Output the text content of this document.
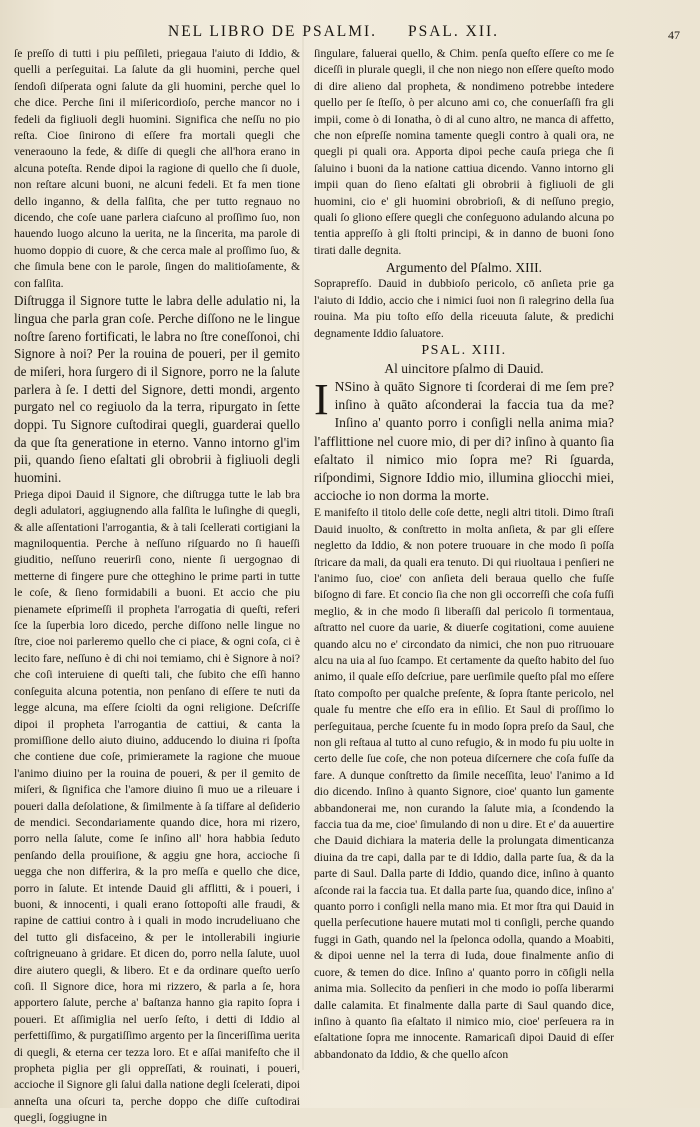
NEL LIBRO DE PSALMI. PSAL. XII.	47

ſe preſſo di tutti i piu peſſileti, priegaua l'aiuto di Iddio, & quelli a perſeguitai. La ſalute da gli huomini, perche quel ſendoſi diſperata ogni ſalute da gli huomini, perche quel lo che dice. Perche ſini il miſericordioſo, perche mancor no i fedeli da figliuoli degli huomini. Significa che neſſu no pio reſta. Cioe ſinirono di eſſere fra mortali quegli che veneraouno la fede, & diſſe di quegli che all'hora erano in alcuna poteſta. Rende dipoi la ragione di quello che ſi duole, non reſtare alcuni buoni, ne alcuni fedeli. Et fa men tione dello inganno, & della falſita, che per tutto regnauo no dicendo, che coſe uane parlera ciaſcuno al proſſimo ſuo, non hauendo luogo alcuno la uerita, ne la ſincerita, ma parole di huomo doppio di cuore, & che cerca male al proſſimo ſuo, & che ſimula bene con le parole, ſingen do malitioſamente, & con falſita.

Diſtrugga il Signore tutte le labra delle adulatio ni, la lingua che parla gran coſe. Perche diſſono ne le lingue noſtre ſareno fortificati, le labra no ſtre coneſſonoi, chi Signore à noi? Per la rouina de poueri, per il gemito de miſeri, hora ſurgero di il Signore, porro ne la ſalute parlera à ſe. I detti del Signore, detti mondi, argento purgato nel co regiuolo da la terra, ripurgato in ſette doppi. Tu Signore cuſtodirai quegli, guarderai quello da que ſta generatione in eterno. Vanno intorno gl'im pii, quando ſieno eſaltati gli obrobrii à figliuoli degli huomini.

Priega dipoi Dauid il Signore, che diſtrugga tutte le lab bra degli adulatori, aggiugnendo alla falſita le luſinghe di quegli, & alle aſſentationi l'arrogantia, & à tali ſcellerati cortigiani la magniloquentia. Perche à neſſuno riſguardo no ſi haueſſi giuditio, neſſuno reuerirſi cono, niente ſi uergognao di metterne di fingere pure che otteghino le prime parti in tutte le coſe, & ſieno formidabili a buoni. Et accio che piu pienamete eſprimeſſi il propheta l'arrogatia di queſti, referi ſce la ſuperbia loro dicedo, perche diſſono nelle lingue no ſtre, cioe noi parleremo quello che ci piace, & ogni coſa, ci è lecito fare, neſſuno è di chi noi temiamo, chi è Signore à noi? che coſi interuiene di queſti tali, che ſubito che eſſi hanno conſeguita alcuna potentia, non penſano di eſſere te nuti da legge alcuna, ma eſſere ſciolti da ogni religione. Deſcriſſe dipoi il propheta l'arrogantia de cattiui, & canta la promiſſione dello aiuto diuino, adducendo lo diuina ri ſpoſta che contiene due coſe, primieramete la ragione che muoue l'animo diuino per la rouina de poueri, & per il gemito de miſeri, & ſignifica che l'amore diuino ſi muo ue a rileuare i poueri dalla deſolatione, & ſimilmente à ſa tiſfare al deſiderio de mendici. Secondariamente quando dice, hora mi rizero, porro nella ſalute, come ſe inſino all' hora habbia ſeduto penſando della prouiſione, & aggiu gne hora, accioche ſi uegga che non differira, & la pro meſſa e quello che dice, porro in ſalute. Et intende Dauid gli afflitti, & i poueri, i buoni, & innocenti, i quali erano ſottopoſti alle fraudi, & rapine de cattiui contro à i quali in modo incrudeliuano che del tutto gli disfaceino, & per le intollerabili ingiurie coſtrigneuano à gridare. Et dicen do, porro nella ſalute, uuol dire aiutero quegli, & libero. Et e da ordinare queſto uerſo coſi. Il Signore dice, hora mi rizzero, & parla a ſe, hora apportero ſalute, perche a' baſtanza hanno gia rapito ſopra i poueri. Et aſſimiglia nel uerſo ſeſto, i detti di Iddio al perfettiſſimo, & purgatiſſimo argento per la ſinceriſſima uerita di quegli, & eterna cer tezza loro. Et e aſſai manifeſto che il propheta piglia per gli oppreſſati, & rouinati, i poueri, accioche il Signore gli ſalui dalla natione degli ſcelerati, dipoi anneſta una oſcuri ta, perche doppo che diſſe cuſtodirai quegli, ſoggiugne in

ſingulare, faluerai quello, & Chim. penſa queſto eſſere co me ſe diceſſi in plurale quegli, il che non niego non eſſere queſto modo di dire alieno dal propheta, & nondimeno potrebbe intedere quello per ſe ſteſſo, ò per alcuno ami co, che conuerſaſſi fra gli impii, come ò di Ionatha, ò di al cuno altro, ne manca di affetto, che non eſpreſſe nomina tamente quegli contro à quali ora, ne quegli pi quali ora. Apporta dipoi peche cauſa priega che ſi ſaluino i buoni da la natione cattiua dicendo. Vanno intorno gli impii quan do ſieno eſaltati gli obrobrii à figliuoli de gli huomini, cio e' gli huomini obrobrioſi, & di neſſuno pregio, quali ſo gliono eſſere quegli che conſeguono adulando alcuna po tentia appreſſo à gli ſtolti principi, & in danno de buoni ſono tirati dalle degnita.

Argumento del Pſalmo. XIII.

Sopraprefſo. Dauid in dubbioſo pericolo, cō anſieta prie ga l'aiuto di Iddio, accio che i nimici ſuoi non ſi ralegrino della ſua rouina. Ma piu toſto eſſo della riceuuta ſalute, & predichi degnamente Iddio ſaluatore.

PSAL. XIII.
Al uincitore pſalmo di Dauid.

I NSino à quāto Signore ti ſcorderai di me ſem pre? inſino à quāto aſconderai la faccia tua da me? Inſino a' quanto porro i conſigli nella anima mia? l'afflittione nel cuore mio, di per di? inſino à quanto ſia eſaltato il nimico mio ſopra me? Ri ſguarda, riſpondimi, Signore Iddio mio, illumina gliocchi miei, accioche io non dorma la morte.

E manifeſto il titolo delle coſe dette, negli altri titoli. Dimo ſtraſi Dauid inuolto, & conſtretto in molta anſieta, & par gli eſſere negletto da Iddio, & non potere truouare in che modo ſi poſſa ſtricare da mali, da quali era tenuto. Di qui riuoltaua i penſieri ne l'animo ſuo, cioe' con anſieta deli beraua quello che fuſſe biſogno di fare. Et concio ſia che non gli occorreſſi che coſa fuſſi meglio, & in che modo ſi liberaſſi dal pericolo ſi tormentaua, aſtratto nel cuore da uarie, & diuerſe cogitationi, come auuiene quando alcu no e' circondato da nimici, che non puo ritruouare alcu na uia al ſuo ſcampo. Et certamente da queſto habito del ſuo animo, il quale eſſo deſcriue, pare uerſimile queſto pſal mo eſſere ſtato compoſto per qualche preſente, & ſopra ſtante pericolo, nel quale fu mentre che eſſo era in eſilio. Et Saul di proſſimo lo perſeguitaua, perche ſcuente fu in modo ſopra preſo da Saul, che non gli reſtaua al tutto al cuno refugio, & in modo fu piu uolte in certo delle ſue coſe, che non poteua diſcernere che coſa fuſſe da fare. A dunque conſtretto da ſimile neceſſita, leuo' l'animo a Id dio dicendo. Inſino à quanto Signore, cioe' quanto lun gamente abbandonerai me, non curando la ſalute mia, a ſcondendo la faccia tua da me, cioe' ſimulando di non u dire. Et e' da auuertire che Dauid dichiara la materia delle la prolungata dimenticanza diuina da tre capi, dalla par te di Iddio, dalla parte ſua, & da la parte di Saul. Dalla parte di Iddio, quando dice, inſino à quanto aſconde rai la faccia tua. Et dalla parte ſua, quando dice, inſino a' quanto porro i conſigli nella mano mia. Et mor ſtra qui Dauid in quella perſecutione hauere mutati mol ti conſigli, perche quando fuggi in Gath, quando nel la ſpelonca odolla, quando a Moabiti, & dipoi uenne nel la terra di Iuda, doue finalmente anſio di cuore, & temen do dice. Inſino a' quanto porro in cōſigli nella anima mia. Sollecito da penſieri in che modo io poſſa liberarmi dalle calamita. Et finalmente dalla parte di Saul quando dice, inſino à quanto ſia eſaltato il nimico mio, cioe' perſeuera ra in eſaltatione ſopra me innocente. Ramaricaſi dipoi Dauid di eſſer abbandonato da Iddio, & che quello aſcon
